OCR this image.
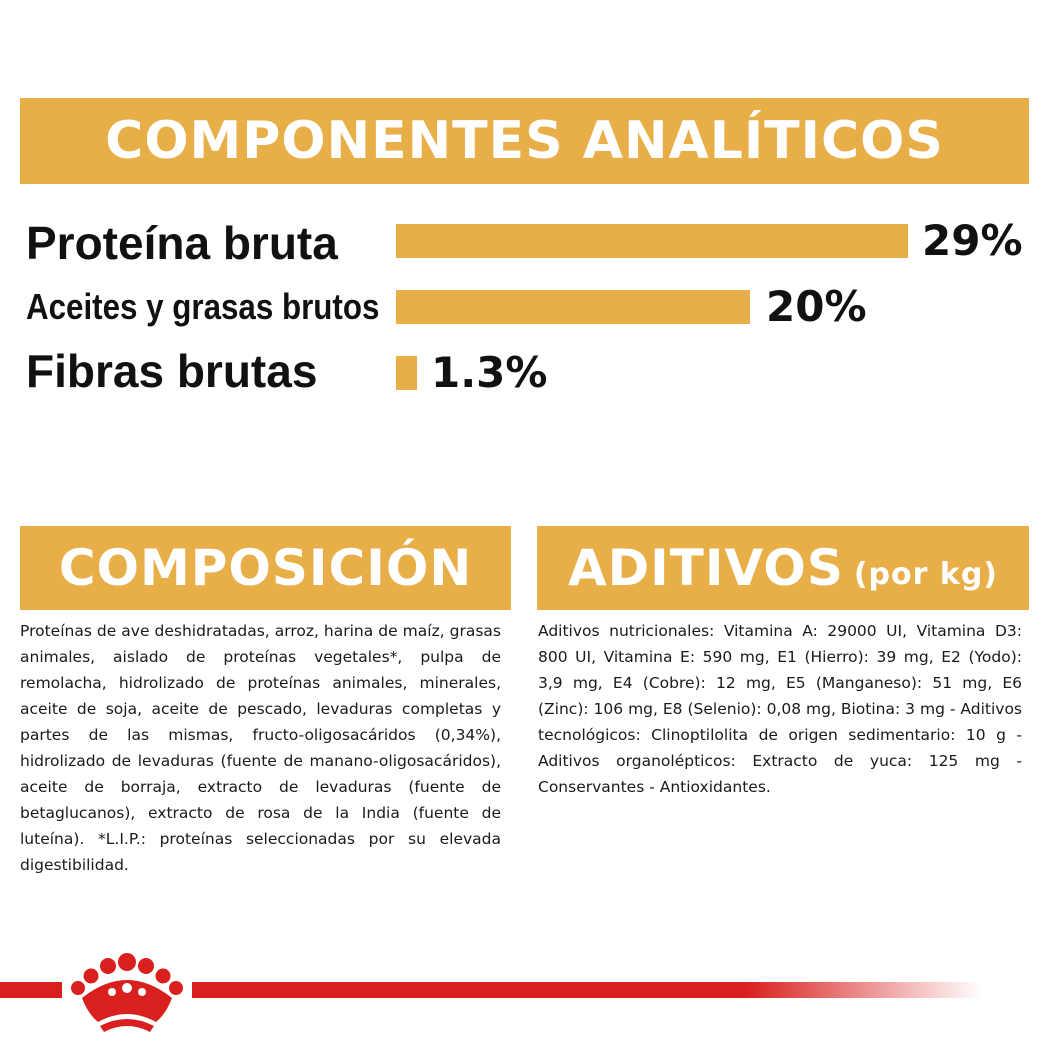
COMPONENTES ANALÍTICOS
Proteína bruta	29%
Aceites y grasas brutos	20%
Fibras brutas	1.3%
COMPOSICIÓN
Proteínas de ave deshidratadas, arroz, harina de maíz, grasas animales, aislado de proteínas vegetales*, pulpa de remolacha, hidrolizado de proteínas animales, minerales, aceite de soja, aceite de pescado, levaduras completas y partes de las mismas, fructo-oligosacáridos (0,34%), hidrolizado de levaduras (fuente de manano-oligosacáridos), aceite de borraja, extracto de levaduras (fuente de betaglucanos), extracto de rosa de la India (fuente de luteína). *L.I.P.: proteínas seleccionadas por su elevada digestibilidad.
ADITIVOS (por kg)
Aditivos nutricionales: Vitamina A: 29000 UI, Vitamina D3: 800 UI, Vitamina E: 590 mg, E1 (Hierro): 39 mg, E2 (Yodo): 3,9 mg, E4 (Cobre): 12 mg, E5 (Manganeso): 51 mg, E6 (Zinc): 106 mg, E8 (Selenio): 0,08 mg, Biotina: 3 mg - Aditivos tecnológicos: Clinoptilolita de origen sedimentario: 10 g - Aditivos organolépticos: Extracto de yuca: 125 mg - Conservantes - Antioxidantes.
